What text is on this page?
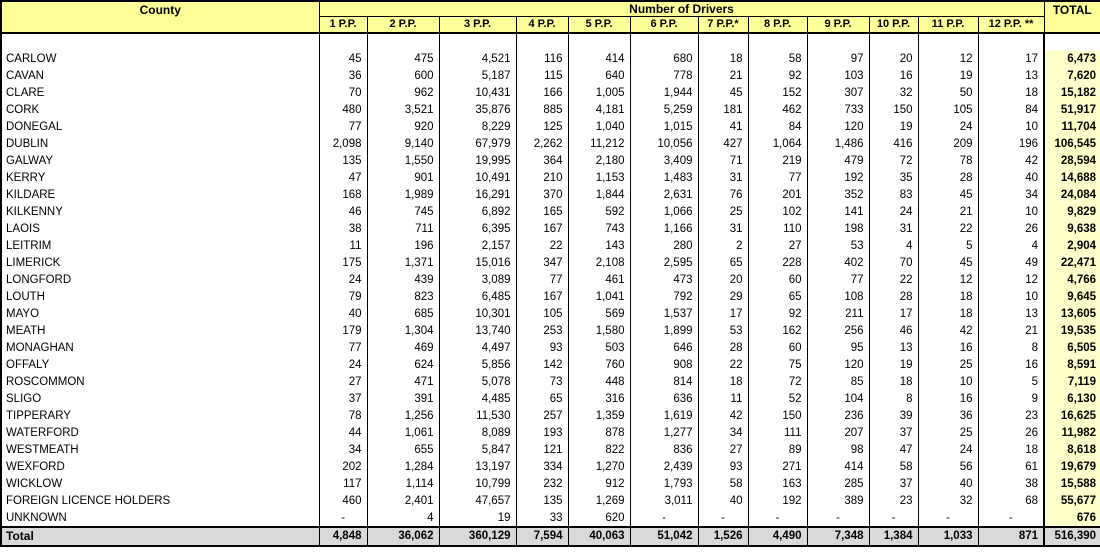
County	Number of Drivers												TOTAL
	1 P.P.	2 P.P.	3 P.P.	4 P.P.	5 P.P.	6 P.P.	7 P.P.*	8 P.P.	9 P.P.	10 P.P.	11 P.P.	12 P.P. **	

CARLOW	45	475	4,521	116	414	680	18	58	97	20	12	17	6,473
CAVAN	36	600	5,187	115	640	778	21	92	103	16	19	13	7,620
CLARE	70	962	10,431	166	1,005	1,944	45	152	307	32	50	18	15,182
CORK	480	3,521	35,876	885	4,181	5,259	181	462	733	150	105	84	51,917
DONEGAL	77	920	8,229	125	1,040	1,015	41	84	120	19	24	10	11,704
DUBLIN	2,098	9,140	67,979	2,262	11,212	10,056	427	1,064	1,486	416	209	196	106,545
GALWAY	135	1,550	19,995	364	2,180	3,409	71	219	479	72	78	42	28,594
KERRY	47	901	10,491	210	1,153	1,483	31	77	192	35	28	40	14,688
KILDARE	168	1,989	16,291	370	1,844	2,631	76	201	352	83	45	34	24,084
KILKENNY	46	745	6,892	165	592	1,066	25	102	141	24	21	10	9,829
LAOIS	38	711	6,395	167	743	1,166	31	110	198	31	22	26	9,638
LEITRIM	11	196	2,157	22	143	280	2	27	53	4	5	4	2,904
LIMERICK	175	1,371	15,016	347	2,108	2,595	65	228	402	70	45	49	22,471
LONGFORD	24	439	3,089	77	461	473	20	60	77	22	12	12	4,766
LOUTH	79	823	6,485	167	1,041	792	29	65	108	28	18	10	9,645
MAYO	40	685	10,301	105	569	1,537	17	92	211	17	18	13	13,605
MEATH	179	1,304	13,740	253	1,580	1,899	53	162	256	46	42	21	19,535
MONAGHAN	77	469	4,497	93	503	646	28	60	95	13	16	8	6,505
OFFALY	24	624	5,856	142	760	908	22	75	120	19	25	16	8,591
ROSCOMMON	27	471	5,078	73	448	814	18	72	85	18	10	5	7,119
SLIGO	37	391	4,485	65	316	636	11	52	104	8	16	9	6,130
TIPPERARY	78	1,256	11,530	257	1,359	1,619	42	150	236	39	36	23	16,625
WATERFORD	44	1,061	8,089	193	878	1,277	34	111	207	37	25	26	11,982
WESTMEATH	34	655	5,847	121	822	836	27	89	98	47	24	18	8,618
WEXFORD	202	1,284	13,197	334	1,270	2,439	93	271	414	58	56	61	19,679
WICKLOW	117	1,114	10,799	232	912	1,793	58	163	285	37	40	38	15,588
FOREIGN LICENCE HOLDERS	460	2,401	47,657	135	1,269	3,011	40	192	389	23	32	68	55,677
UNKNOWN	-	4	19	33	620	-	-	-	-	-	-	-	676
Total	4,848	36,062	360,129	7,594	40,063	51,042	1,526	4,490	7,348	1,384	1,033	871	516,390
